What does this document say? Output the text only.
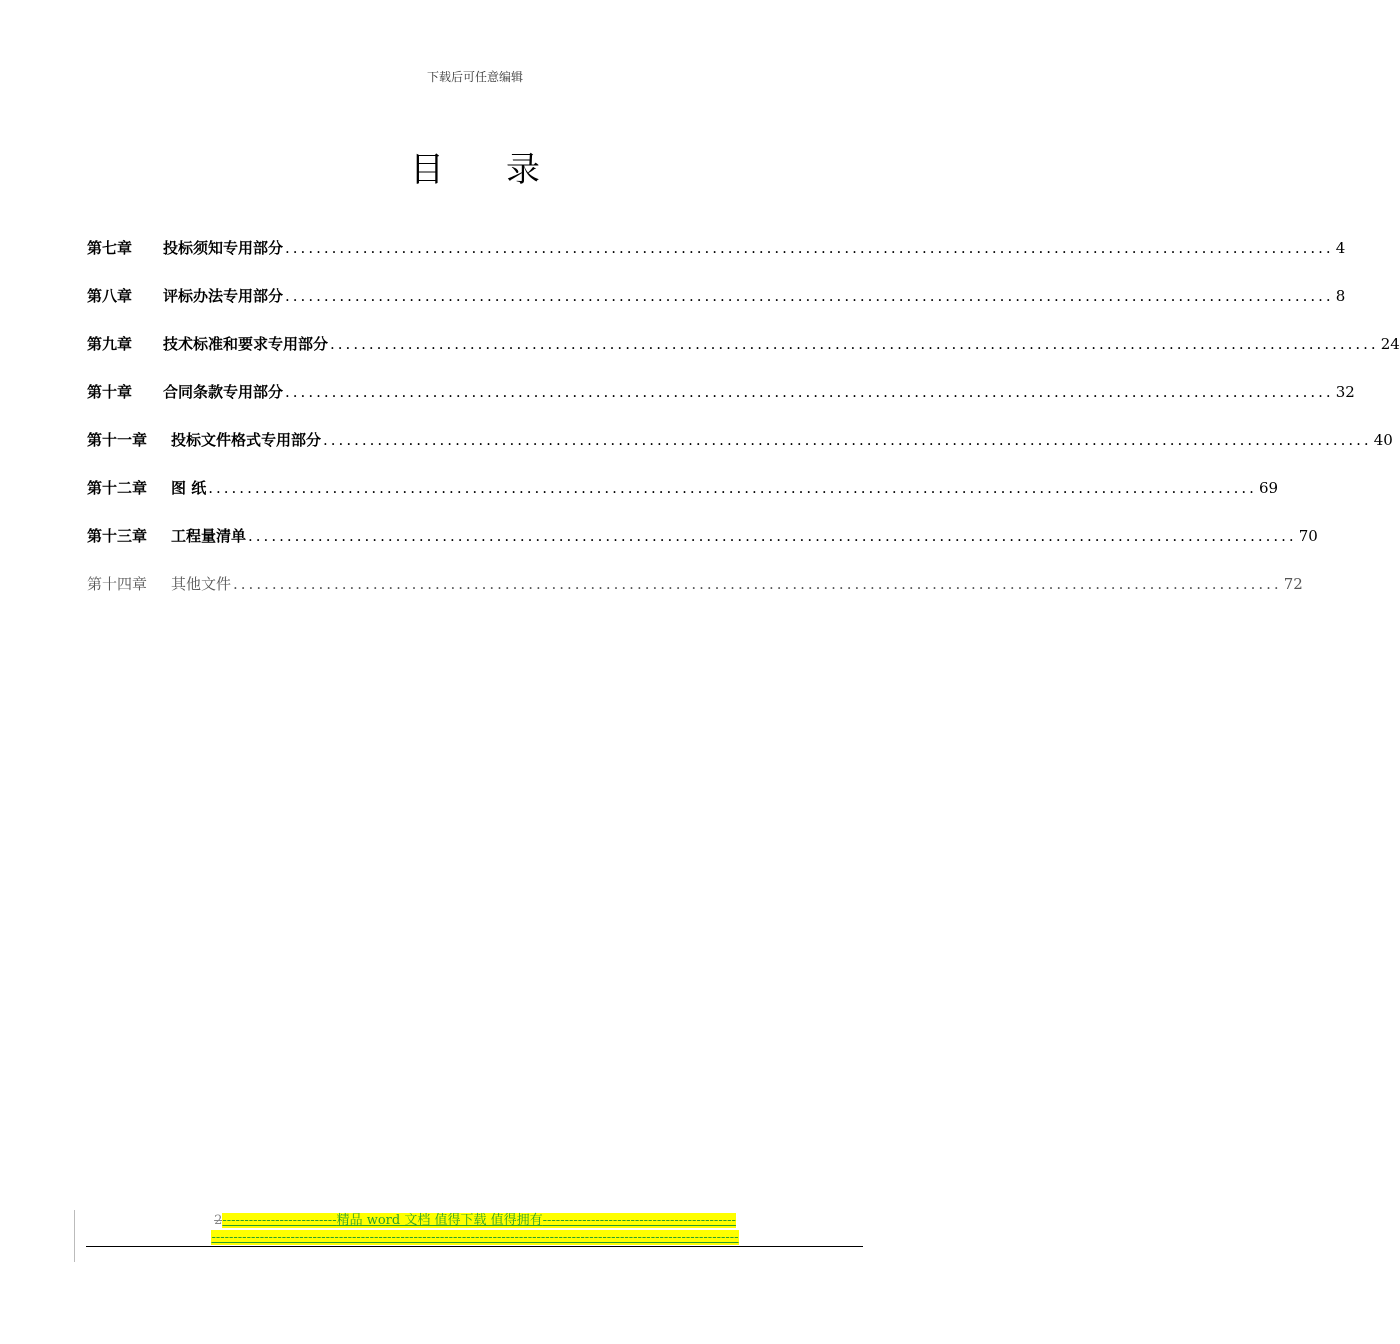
下载后可任意编辑
目录
第七章	投标须知专用部分 ....................................................................................................................................... 4
第八章	评标办法专用部分 ....................................................................................................................................... 8
第九章	技术标准和要求专用部分 ....................................................................................................................................... 24
第十章	合同条款专用部分 ....................................................................................................................................... 32
第十一章	投标文件格式专用部分 ....................................................................................................................................... 40
第十二章	图 纸 ....................................................................................................................................... 69
第十三章	工程量清单 ....................................................................................................................................... 70
第十四章	其他文件 ....................................................................................................................................... 72
2--------------------------精品 word 文档 值得下载 值得拥有--------------------------------------------
------------------------------------------------------------------------------------------------------------------------
